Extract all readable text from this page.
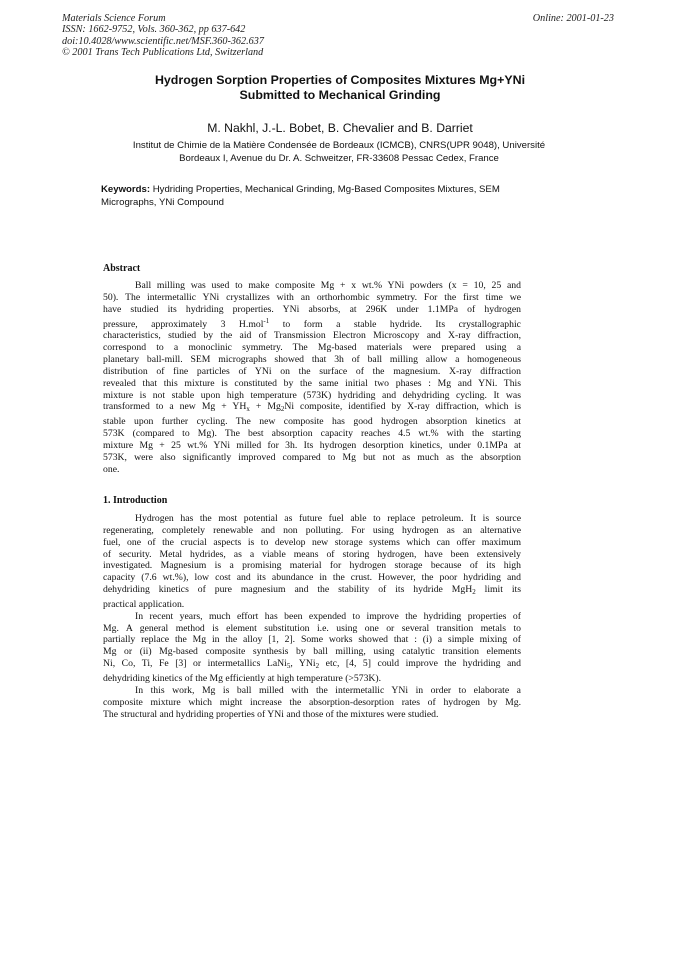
Materials Science Forum
ISSN: 1662-9752, Vols. 360-362, pp 637-642
doi:10.4028/www.scientific.net/MSF.360-362.637
© 2001 Trans Tech Publications Ltd, Switzerland
Online: 2001-01-23
Hydrogen Sorption Properties of Composites Mixtures Mg+YNi
Submitted to Mechanical Grinding
M. Nakhl, J.-L. Bobet, B. Chevalier and B. Darriet
Institut de Chimie de la Matière Condensée de Bordeaux (ICMCB), CNRS(UPR 9048), Université
Bordeaux I, Avenue du Dr. A. Schweitzer, FR-33608 Pessac Cedex, France
Keywords: Hydriding Properties, Mechanical Grinding, Mg-Based Composites Mixtures, SEM
Micrographs, YNi Compound
Abstract
Ball milling was used to make composite Mg + x wt.% YNi powders (x = 10, 25 and
50). The intermetallic YNi crystallizes with an orthorhombic symmetry. For the first time we
have studied its hydriding properties. YNi absorbs, at 296K under 1.1MPa of hydrogen
pressure, approximately 3 H.mol$^{-1}$ to form a stable hydride. Its crystallographic
characteristics, studied by the aid of Transmission Electron Microscopy and X-ray diffraction,
correspond to a monoclinic symmetry. The Mg-based materials were prepared using a
planetary ball-mill. SEM micrographs showed that 3h of ball milling allow a homogeneous
distribution of fine particles of YNi on the surface of the magnesium. X-ray diffraction
revealed that this mixture is constituted by the same initial two phases : Mg and YNi. This
mixture is not stable upon high temperature (573K) hydriding and dehydriding cycling. It was
transformed to a new $Mg + YH_x + Mg_2Ni$ composite, identified by X-ray diffraction, which is
stable upon further cycling. The new composite has good hydrogen absorption kinetics at
573K (compared to Mg). The best absorption capacity reaches 4.5 wt.% with the starting
mixture Mg + 25 wt.% YNi milled for 3h. Its hydrogen desorption kinetics, under 0.1MPa at
573K, were also significantly improved compared to Mg but not as much as the absorption
one.
1. Introduction
Hydrogen has the most potential as future fuel able to replace petroleum. It is source
regenerating, completely renewable and non polluting. For using hydrogen as an alternative
fuel, one of the crucial aspects is to develop new storage systems which can offer maximum
of security. Metal hydrides, as a viable means of storing hydrogen, have been extensively
investigated. Magnesium is a promising material for hydrogen storage because of its high
capacity (7.6 wt.%), low cost and its abundance in the crust. However, the poor hydriding and
dehydriding kinetics of pure magnesium and the stability of its hydride MgH$_2$ limit its
practical application.
In recent years, much effort has been expended to improve the hydriding properties of
Mg. A general method is element substitution i.e. using one or several transition metals to
partially replace the Mg in the alloy [1, 2]. Some works showed that : (i) a simple mixing of
Mg or (ii) Mg-based composite synthesis by ball milling, using catalytic transition elements
Ni, Co, Ti, Fe [3] or intermetallics LaNi$_5$, YNi$_2$ etc, [4, 5] could improve the hydriding and
dehydriding kinetics of the Mg efficiently at high temperature (>573K).
In this work, Mg is ball milled with the intermetallic YNi in order to elaborate a
composite mixture which might increase the absorption-desorption rates of hydrogen by Mg.
The structural and hydriding properties of YNi and those of the mixtures were studied.
